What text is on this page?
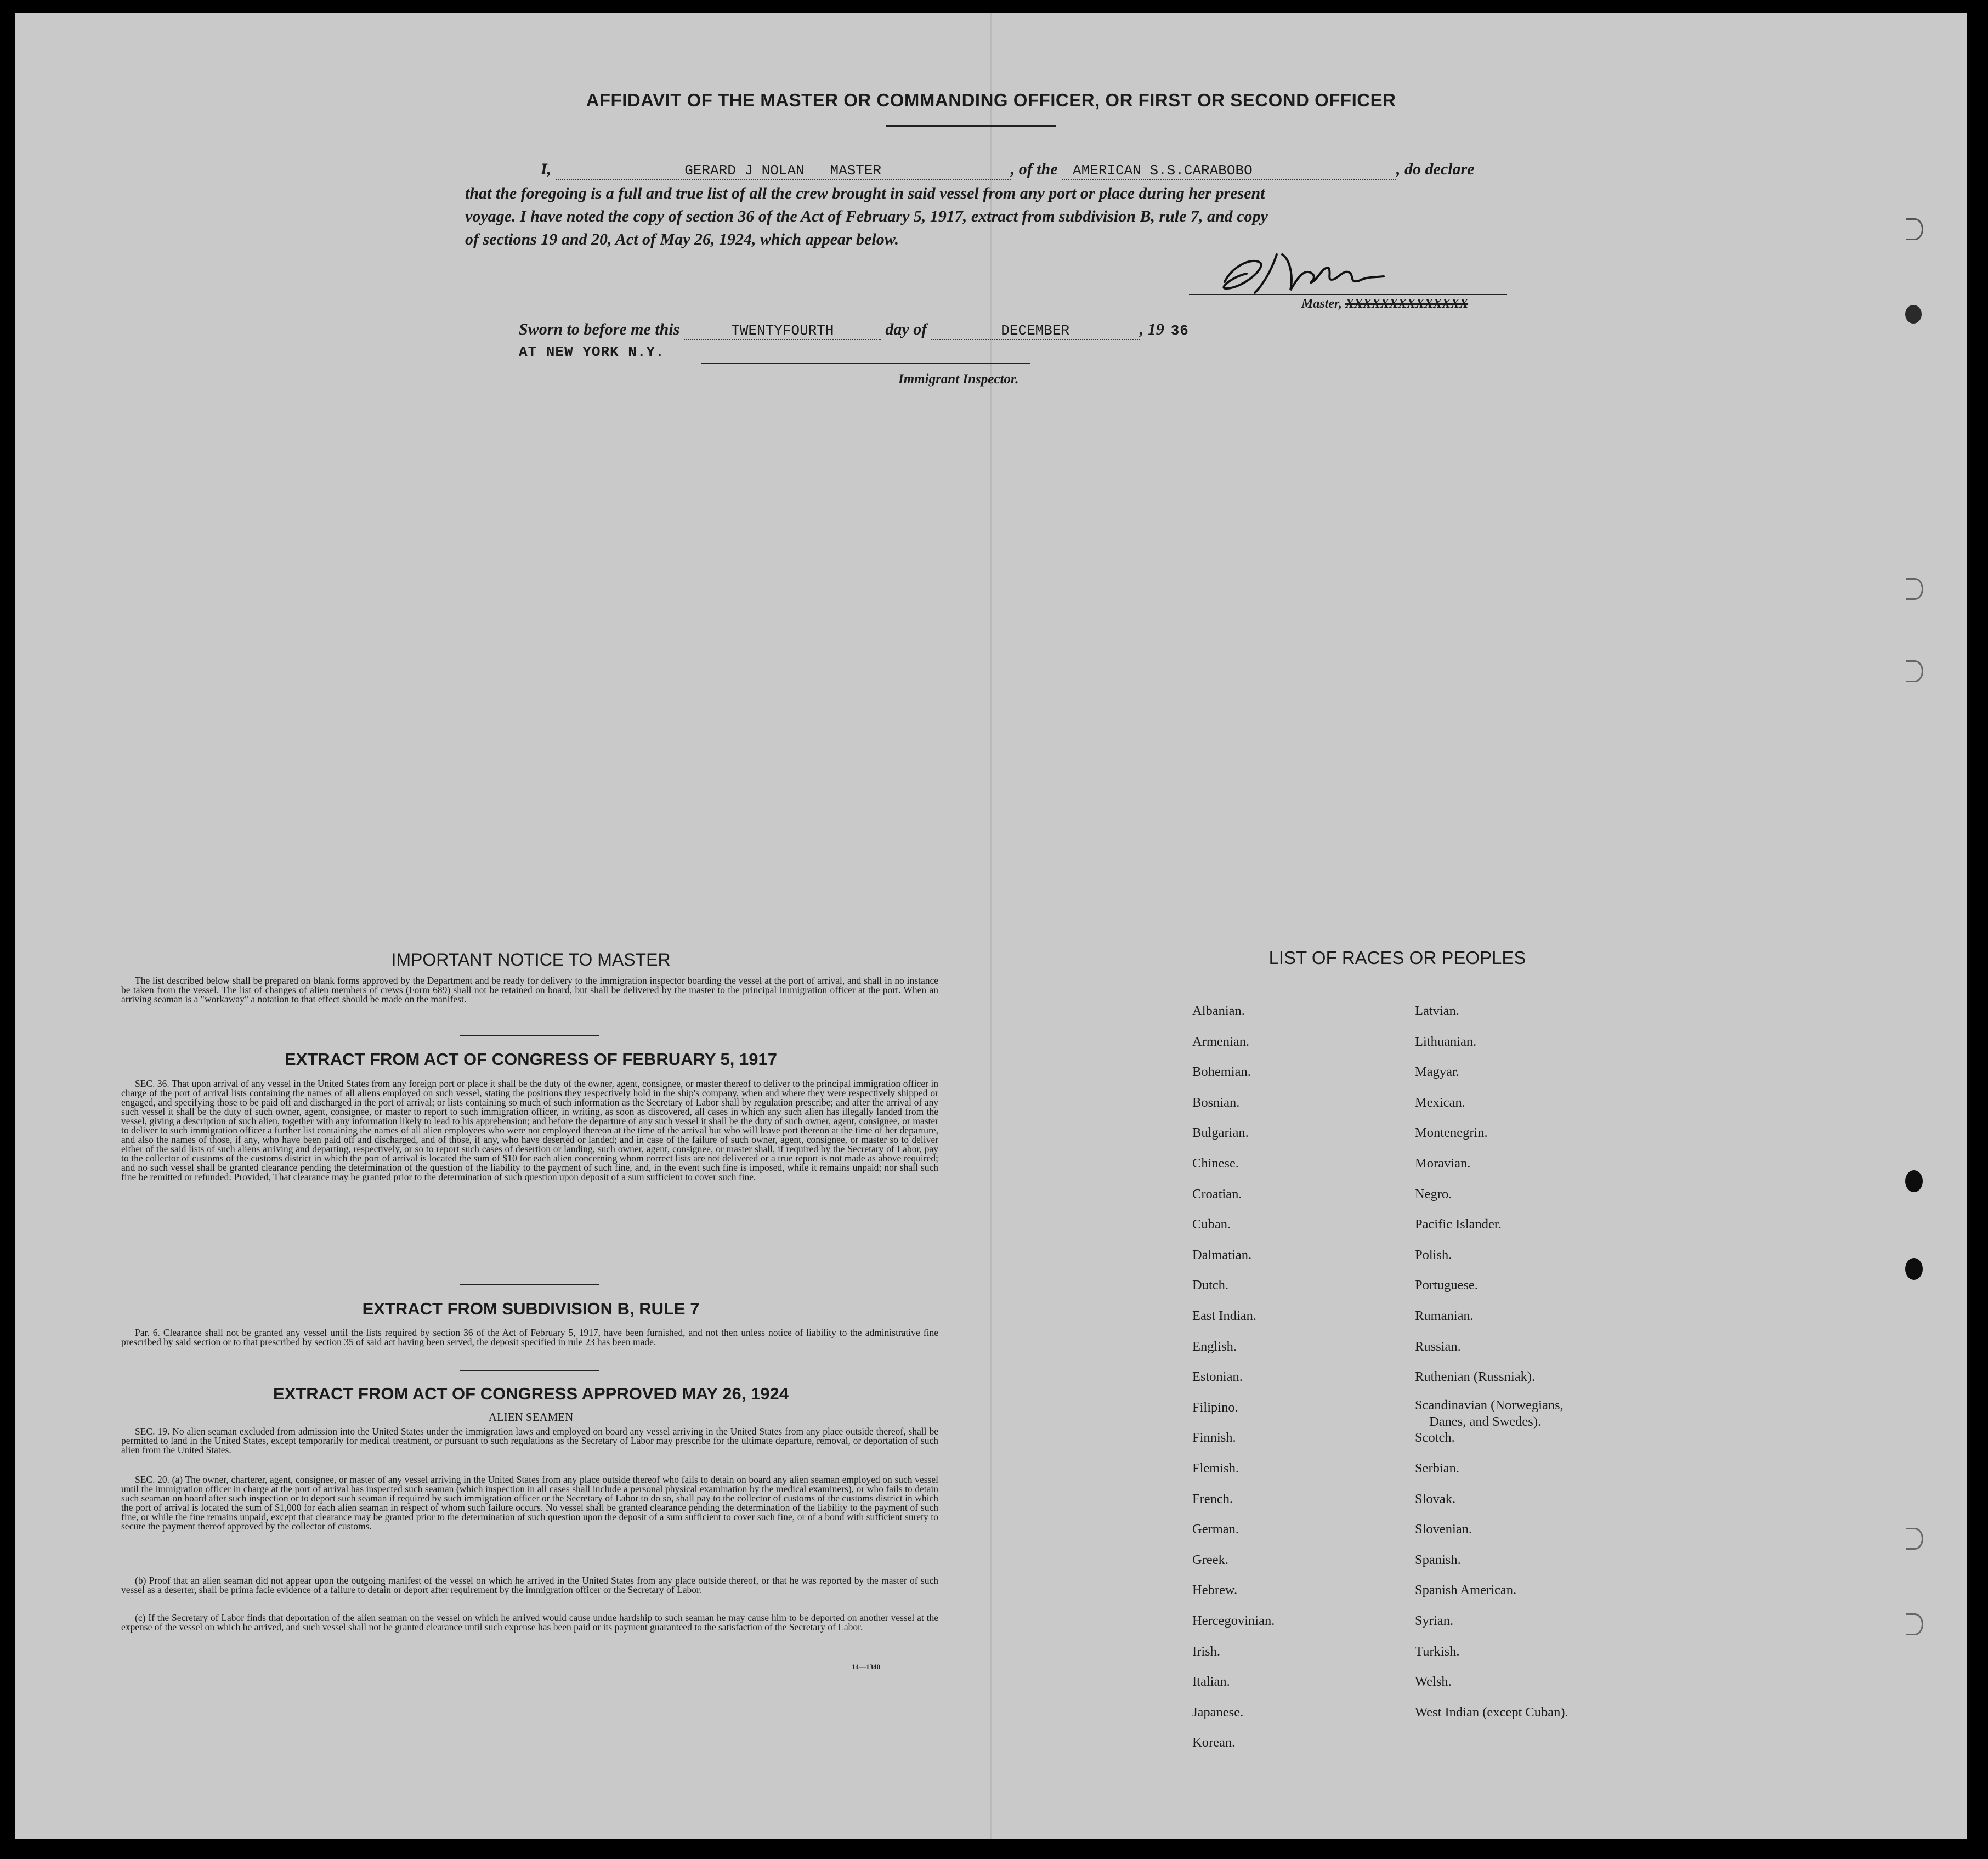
AFFIDAVIT OF THE MASTER OR COMMANDING OFFICER, OR FIRST OR SECOND OFFICER
I,	GERARD J NOLAN   MASTER	, of the AMERICAN S.S.CARABOBO	, do declare
that the foregoing is a full and true list of all the crew brought in said vessel from any port or place during her present
voyage. I have noted the copy of section 36 of the Act of February 5, 1917, extract from subdivision B, rule 7, and copy
of sections 19 and 20, Act of May 26, 1924, which appear below.
Master, XXXXXXXXXXXXXX
Sworn to before me this	TWENTYFOURTH	day of	DECEMBER	, 19 36
AT NEW YORK N.Y.
Immigrant Inspector.
IMPORTANT NOTICE TO MASTER
The list described below shall be prepared on blank forms approved by the Department and be ready for delivery to the immigration inspector boarding the vessel at the port of arrival, and shall in no instance be taken from the vessel. The list of changes of alien members of crews (Form 689) shall not be retained on board, but shall be delivered by the master to the principal immigration officer at the port. When an arriving seaman is a "workaway" a notation to that effect should be made on the manifest.
EXTRACT FROM ACT OF CONGRESS OF FEBRUARY 5, 1917
SEC. 36. That upon arrival of any vessel in the United States from any foreign port or place it shall be the duty of the owner, agent, consignee, or master thereof to deliver to the principal immigration officer in charge of the port of arrival lists containing the names of all aliens employed on such vessel, stating the positions they respectively hold in the ship's company, when and where they were respectively shipped or engaged, and specifying those to be paid off and discharged in the port of arrival; or lists containing so much of such information as the Secretary of Labor shall by regulation prescribe; and after the arrival of any such vessel it shall be the duty of such owner, agent, consignee, or master to report to such immigration officer, in writing, as soon as discovered, all cases in which any such alien has illegally landed from the vessel, giving a description of such alien, together with any information likely to lead to his apprehension; and before the departure of any such vessel it shall be the duty of such owner, agent, consignee, or master to deliver to such immigration officer a further list containing the names of all alien employees who were not employed thereon at the time of the arrival but who will leave port thereon at the time of her departure, and also the names of those, if any, who have been paid off and discharged, and of those, if any, who have deserted or landed; and in case of the failure of such owner, agent, consignee, or master so to deliver either of the said lists of such aliens arriving and departing, respectively, or so to report such cases of desertion or landing, such owner, agent, consignee, or master shall, if required by the Secretary of Labor, pay to the collector of customs of the customs district in which the port of arrival is located the sum of $10 for each alien concerning whom correct lists are not delivered or a true report is not made as above required; and no such vessel shall be granted clearance pending the determination of the question of the liability to the payment of such fine, and, in the event such fine is imposed, while it remains unpaid; nor shall such fine be remitted or refunded: Provided, That clearance may be granted prior to the determination of such question upon deposit of a sum sufficient to cover such fine.
EXTRACT FROM SUBDIVISION B, RULE 7
Par. 6. Clearance shall not be granted any vessel until the lists required by section 36 of the Act of February 5, 1917, have been furnished, and not then unless notice of liability to the administrative fine prescribed by said section or to that prescribed by section 35 of said act having been served, the deposit specified in rule 23 has been made.
EXTRACT FROM ACT OF CONGRESS APPROVED MAY 26, 1924
ALIEN SEAMEN
SEC. 19. No alien seaman excluded from admission into the United States under the immigration laws and employed on board any vessel arriving in the United States from any place outside thereof, shall be permitted to land in the United States, except temporarily for medical treatment, or pursuant to such regulations as the Secretary of Labor may prescribe for the ultimate departure, removal, or deportation of such alien from the United States.
SEC. 20. (a) The owner, charterer, agent, consignee, or master of any vessel arriving in the United States from any place outside thereof who fails to detain on board any alien seaman employed on such vessel until the immigration officer in charge at the port of arrival has inspected such seaman (which inspection in all cases shall include a personal physical examination by the medical examiners), or who fails to detain such seaman on board after such inspection or to deport such seaman if required by such immigration officer or the Secretary of Labor to do so, shall pay to the collector of customs of the customs district in which the port of arrival is located the sum of $1,000 for each alien seaman in respect of whom such failure occurs. No vessel shall be granted clearance pending the determination of the liability to the payment of such fine, or while the fine remains unpaid, except that clearance may be granted prior to the determination of such question upon the deposit of a sum sufficient to cover such fine, or of a bond with sufficient surety to secure the payment thereof approved by the collector of customs.
(b) Proof that an alien seaman did not appear upon the outgoing manifest of the vessel on which he arrived in the United States from any place outside thereof, or that he was reported by the master of such vessel as a deserter, shall be prima facie evidence of a failure to detain or deport after requirement by the immigration officer or the Secretary of Labor.
(c) If the Secretary of Labor finds that deportation of the alien seaman on the vessel on which he arrived would cause undue hardship to such seaman he may cause him to be deported on another vessel at the expense of the vessel on which he arrived, and such vessel shall not be granted clearance until such expense has been paid or its payment guaranteed to the satisfaction of the Secretary of Labor.
14—1340
LIST OF RACES OR PEOPLES
Albanian.
Armenian.
Bohemian.
Bosnian.
Bulgarian.
Chinese.
Croatian.
Cuban.
Dalmatian.
Dutch.
East Indian.
English.
Estonian.
Filipino.
Finnish.
Flemish.
French.
German.
Greek.
Hebrew.
Hercegovinian.
Irish.
Italian.
Japanese.
Korean.
Latvian.
Lithuanian.
Magyar.
Mexican.
Montenegrin.
Moravian.
Negro.
Pacific Islander.
Polish.
Portuguese.
Rumanian.
Russian.
Ruthenian (Russniak).
Scandinavian (Norwegians,
Danes, and Swedes).
Scotch.
Serbian.
Slovak.
Slovenian.
Spanish.
Spanish American.
Syrian.
Turkish.
Welsh.
West Indian (except Cuban).
